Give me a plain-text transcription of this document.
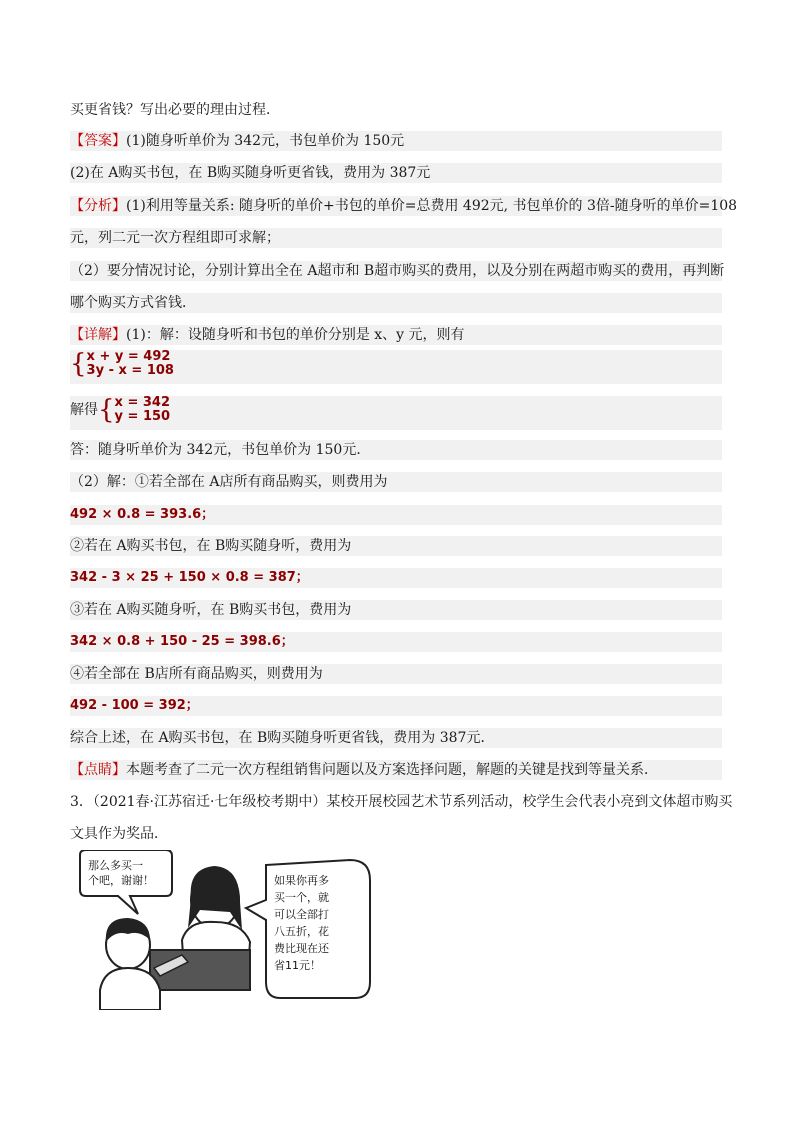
买更省钱？写出必要的理由过程．
【答案】(1)随身听单价为 342元，书包单价为 150元
(2)在 A购买书包，在 B购买随身听更省钱，费用为 387元
【分析】(1)利用等量关系: 随身听的单价+书包的单价=总费用 492元, 书包单价的 3倍-随身听的单价=108
元，列二元一次方程组即可求解；
（2）要分情况讨论，分别计算出全在 A超市和 B超市购买的费用，以及分别在两超市购买的费用，再判断
哪个购买方式省钱．
【详解】(1)：解：设随身听和书包的单价分别是 x、y 元，则有
{ x + y = 492
3y - x = 108
解得{ x = 342
y = 150
答：随身听单价为 342元，书包单价为 150元．
（2）解：①若全部在 A店所有商品购买，则费用为
492 × 0.8 = 393.6；
②若在 A购买书包，在 B购买随身听，费用为
342 - 3 × 25 + 150 × 0.8 = 387；
③若在 A购买随身听，在 B购买书包，费用为
342 × 0.8 + 150 - 25 = 398.6；
④若全部在 B店所有商品购买，则费用为
492 - 100 = 392；
综合上述，在 A购买书包，在 B购买随身听更省钱，费用为 387元．
【点睛】本题考查了二元一次方程组销售问题以及方案选择问题，解题的关键是找到等量关系．
3．（2021春·江苏宿迁·七年级校考期中）某校开展校园艺术节系列活动，校学生会代表小亮到文体超市购买
文具作为奖品．
那么多买一
个吧，谢谢！	如果你再多
买一个，就
可以全部打
八五折，花
费比现在还
省11元！
